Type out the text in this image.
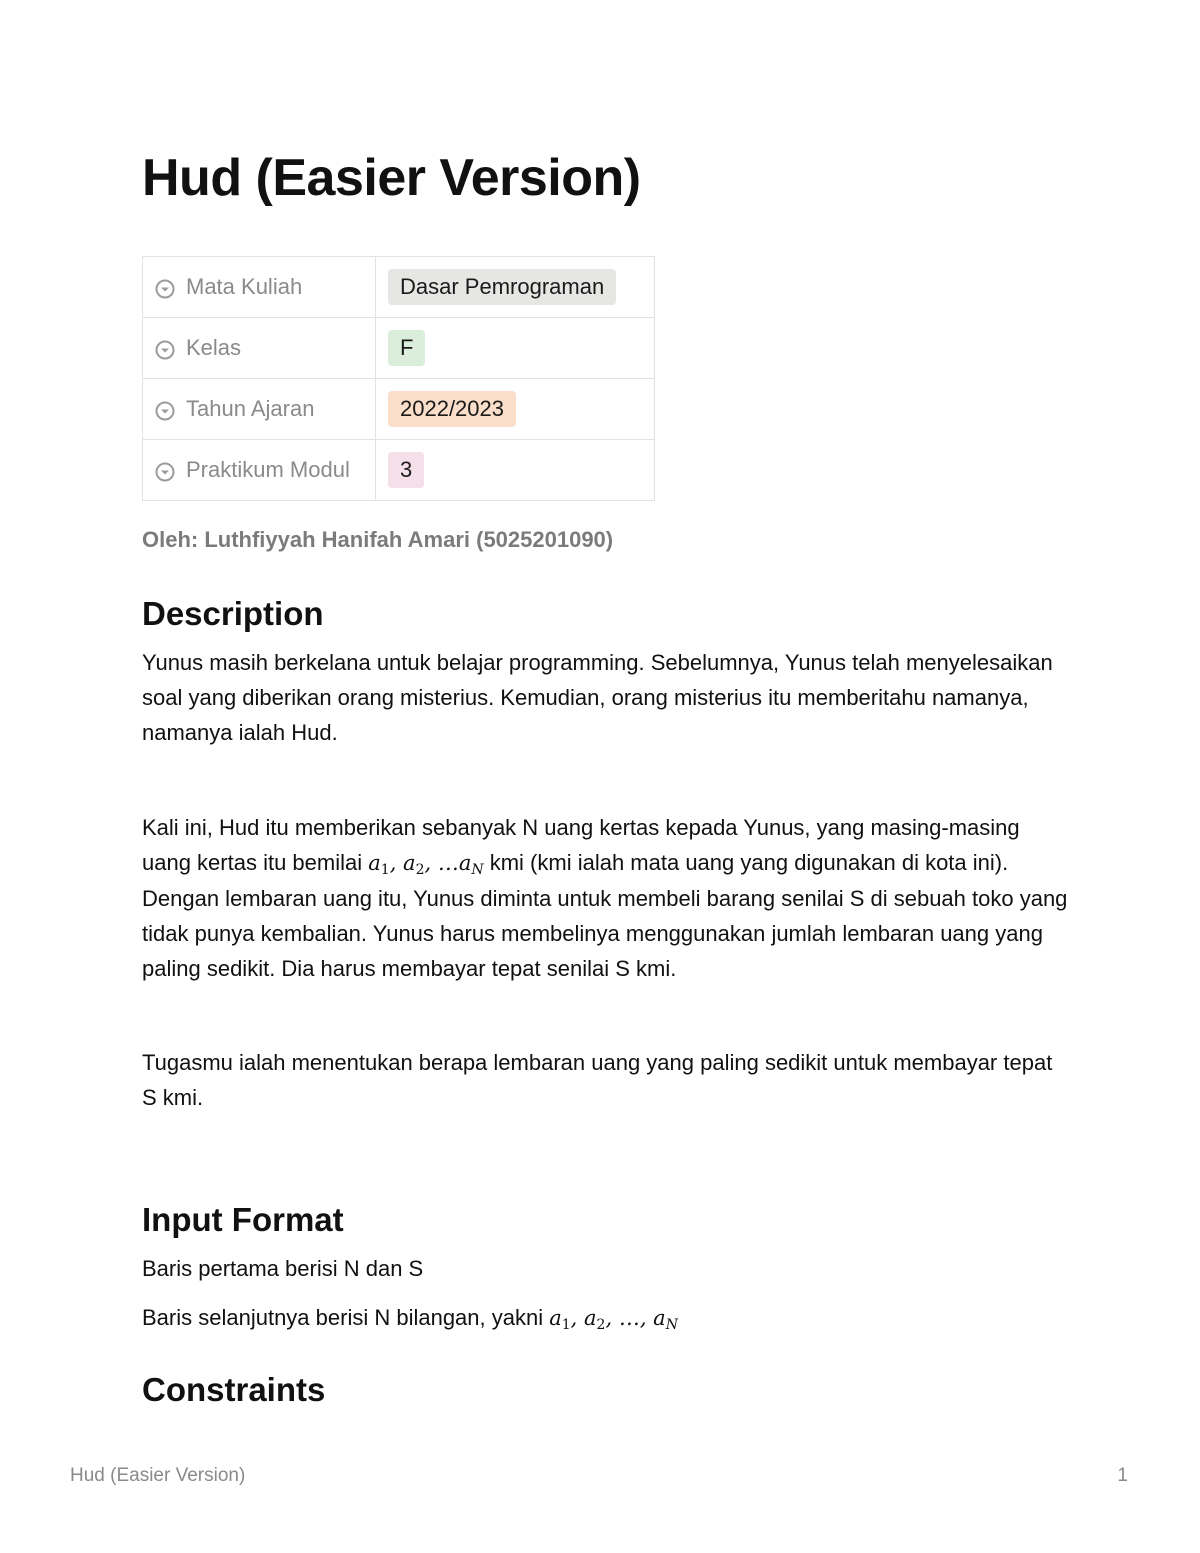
Hud (Easier Version)
Mata Kuliah	Dasar Pemrograman

Kelas	F

Tahun Ajaran	2022/2023

Praktikum Modul	3

Oleh: Luthfiyyah Hanifah Amari (5025201090)

Description

Yunus masih berkelana untuk belajar programming. Sebelumnya, Yunus telah menyelesaikan soal yang diberikan orang misterius. Kemudian, orang misterius itu memberitahu namanya, namanya ialah Hud.

Kali ini, Hud itu memberikan sebanyak N uang kertas kepada Yunus, yang masing-masing uang kertas itu bemilai $a_1$, $a_2$, $\dots a_N$ kmi (kmi ialah mata uang yang digunakan di kota ini). Dengan lembaran uang itu, Yunus diminta untuk membeli barang senilai S di sebuah toko yang tidak punya kembalian. Yunus harus membelinya menggunakan jumlah lembaran uang yang paling sedikit. Dia harus membayar tepat senilai S kmi.

Tugasmu ialah menentukan berapa lembaran uang yang paling sedikit untuk membayar tepat S kmi.

Input Format

Baris pertama berisi N dan S

Baris selanjutnya berisi N bilangan, yakni $a_1$, $a_2$, …, $a_N$

Constraints
Hud (Easier Version)	1
